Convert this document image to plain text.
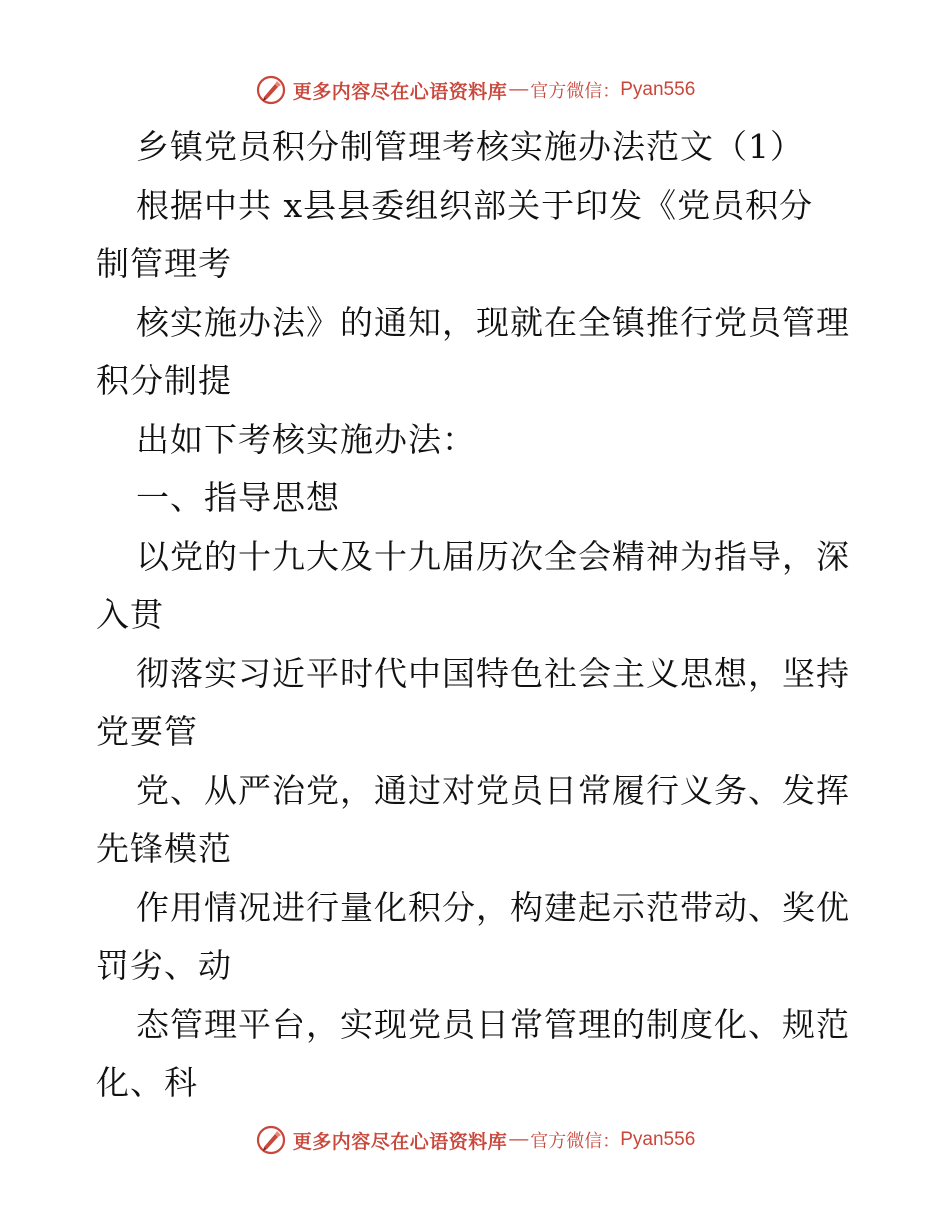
更多内容尽在心语资料库 — 官方微信： Pyan556
乡镇党员积分制管理考核实施办法范文（1）
根据中共 x县县委组织部关于印发《党员积分
制管理考
核实施办法》的通知，现就在全镇推行党员管理
积分制提
出如下考核实施办法：
一、指导思想
以党的十九大及十九届历次全会精神为指导，深
入贯
彻落实习近平时代中国特色社会主义思想，坚持
党要管
党、从严治党，通过对党员日常履行义务、发挥
先锋模范
作用情况进行量化积分，构建起示范带动、奖优
罚劣、动
态管理平台，实现党员日常管理的制度化、规范
化、科
更多内容尽在心语资料库 — 官方微信： Pyan556
